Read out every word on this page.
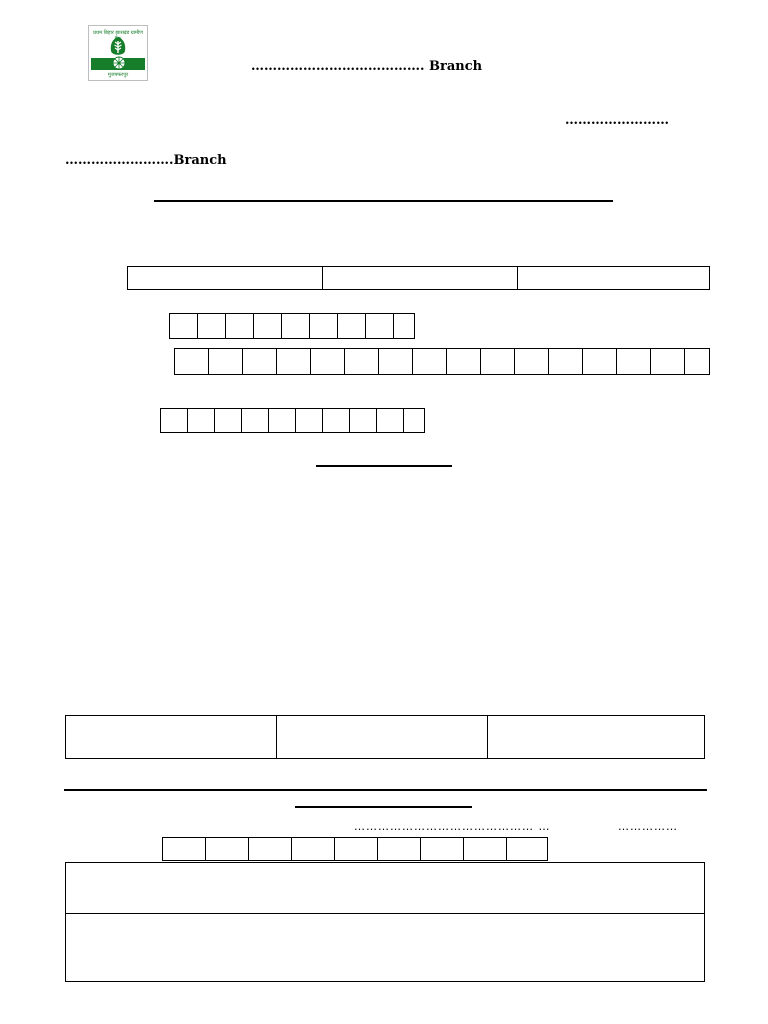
प्रथम बिहार झारखंड ग्रामीण
मुजफ्फरपुर
…………………………………. Branch
……………………
…………………….Branch
……………………………………… …	……………
